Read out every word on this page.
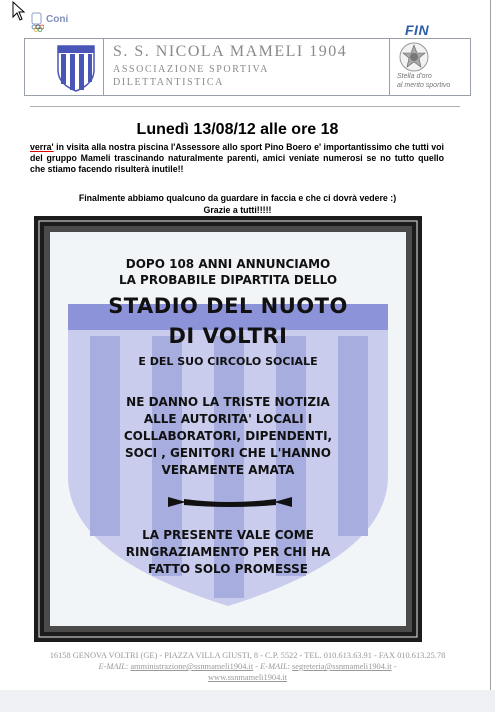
Coni
FIN
S. S. NICOLA MAMELI 1904
ASSOCIAZIONE SPORTIVA
DILETTANTISTICA
Stella d'oro
al merito sportivo
Lunedì 13/08/12 alle ore 18
verra' in visita alla nostra piscina l'Assessore allo sport Pino Boero e' importantissimo che tutti voi del gruppo Mameli trascinando naturalmente parenti, amici veniate numerosi se no tutto quello che stiamo facendo risulterà inutile!!
Finalmente abbiamo qualcuno da guardare in faccia e che ci dovrà vedere :)
Grazie a tutti!!!!!
DOPO 108 ANNI ANNUNCIAMO
LA PROBABILE DIPARTITA DELLO
STADIO DEL NUOTO
DI VOLTRI
E DEL SUO CIRCOLO SOCIALE
NE DANNO LA TRISTE NOTIZIA
ALLE AUTORITA' LOCALI I
COLLABORATORI, DIPENDENTI,
SOCI , GENITORI CHE L'HANNO
VERAMENTE AMATA
LA PRESENTE VALE COME
RINGRAZIAMENTO PER CHI HA
FATTO SOLO PROMESSE
16158 GENOVA VOLTRI (GE) - PIAZZA VILLA GIUSTI, 8 - C.P. 5522 - TEL. 010.613.63.91 - FAX 010.613.25.78
E-MAIL: amministrazione@ssnmameli1904.it - E-MAIL: segreteria@ssnmameli1904.it -
www.ssnmameli1904.it
